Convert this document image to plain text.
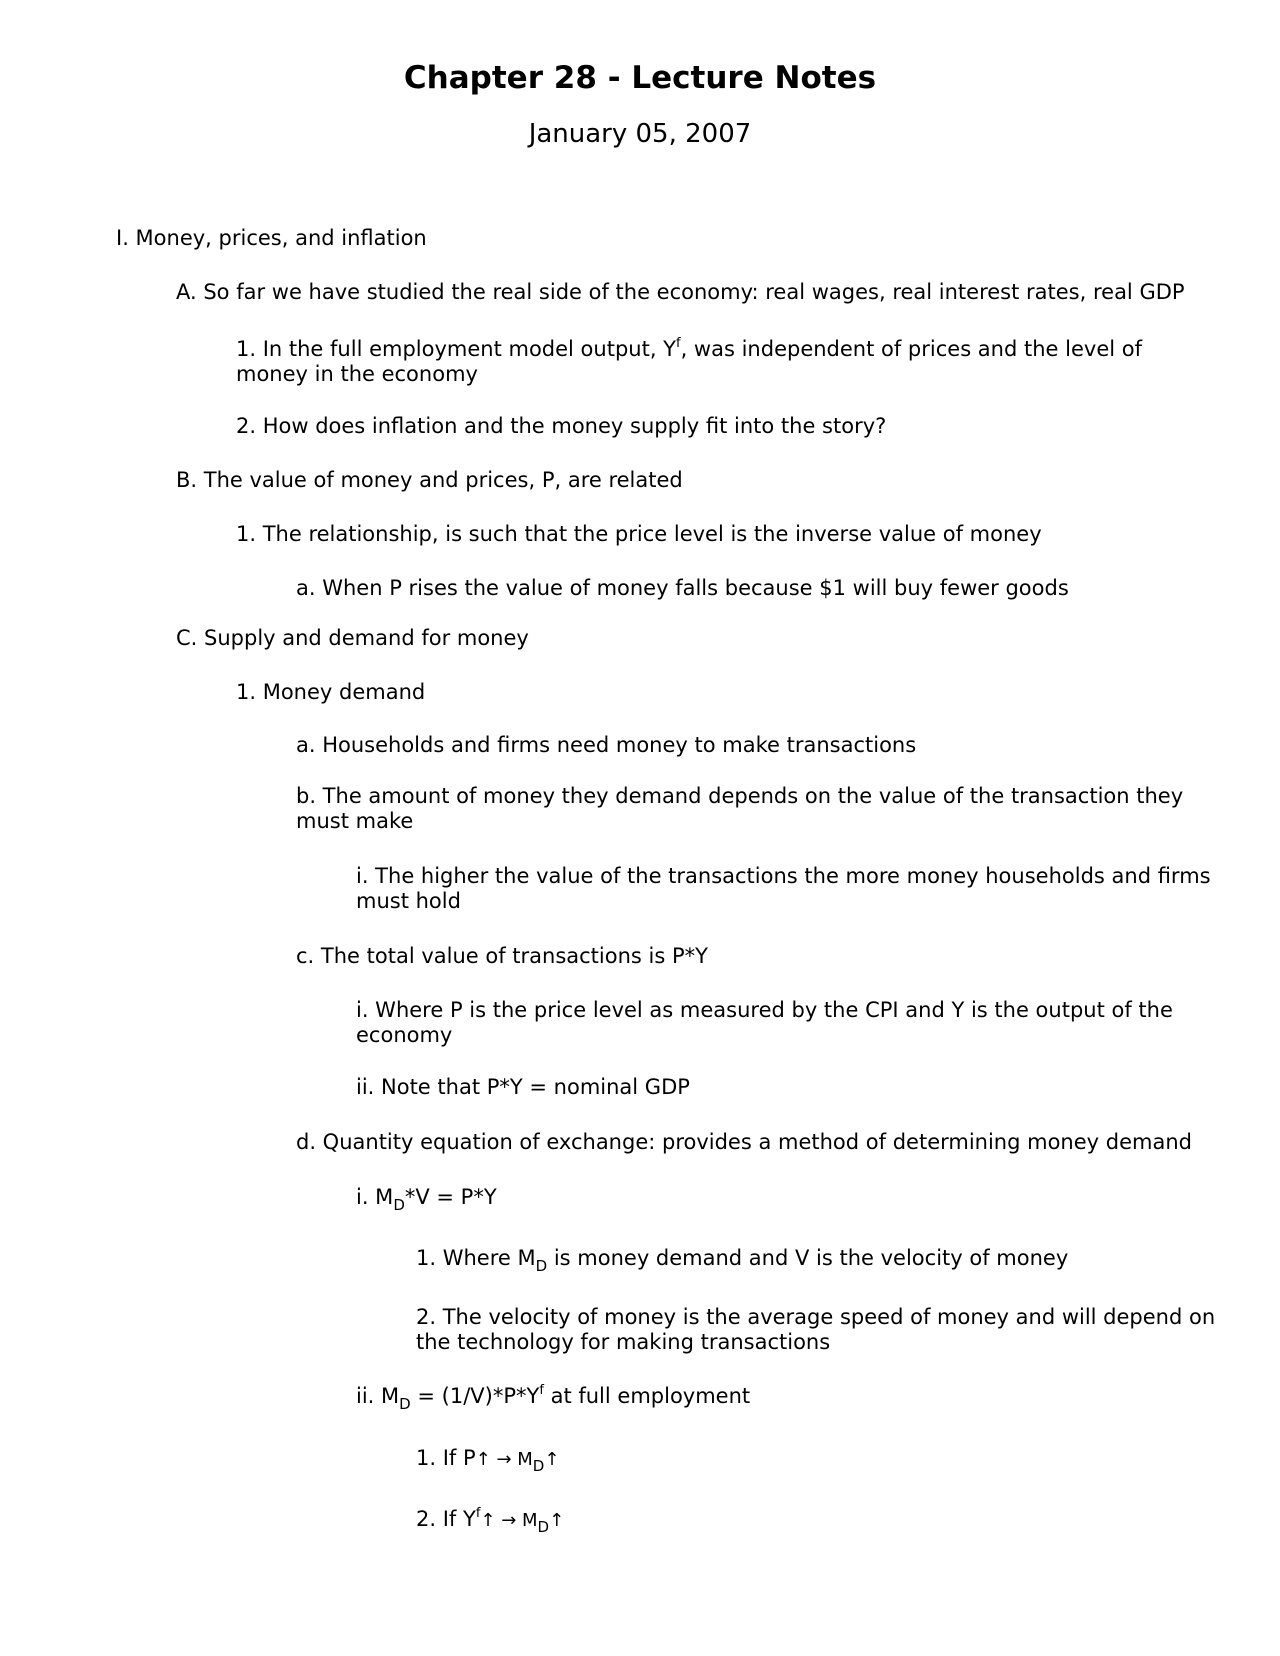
Chapter 28 - Lecture Notes
January 05, 2007
I. Money, prices, and inflation
A. So far we have studied the real side of the economy: real wages, real interest rates, real GDP
1. In the full employment model output, $Y^f$, was independent of prices and the level of money in the economy
2. How does inflation and the money supply fit into the story?
B. The value of money and prices, P, are related
1. The relationship, is such that the price level is the inverse value of money
a. When P rises the value of money falls because $1 will buy fewer goods
C. Supply and demand for money
1. Money demand
a. Households and firms need money to make transactions
b. The amount of money they demand depends on the value of the transaction they must make
i. The higher the value of the transactions the more money households and firms must hold
c. The total value of transactions is P*Y
i. Where P is the price level as measured by the CPI and Y is the output of the economy
ii. Note that P*Y = nominal GDP
d. Quantity equation of exchange: provides a method of determining money demand
i. $M_D*V = P*Y$
1. Where $M_D$ is money demand and V is the velocity of money
2. The velocity of money is the average speed of money and will depend on the technology for making transactions
ii. $M_D = (1/V)*P*Y^f$ at full employment
1. If P↑ → $M_D↑$
2. If $Y^f↑$ → $M_D↑$
